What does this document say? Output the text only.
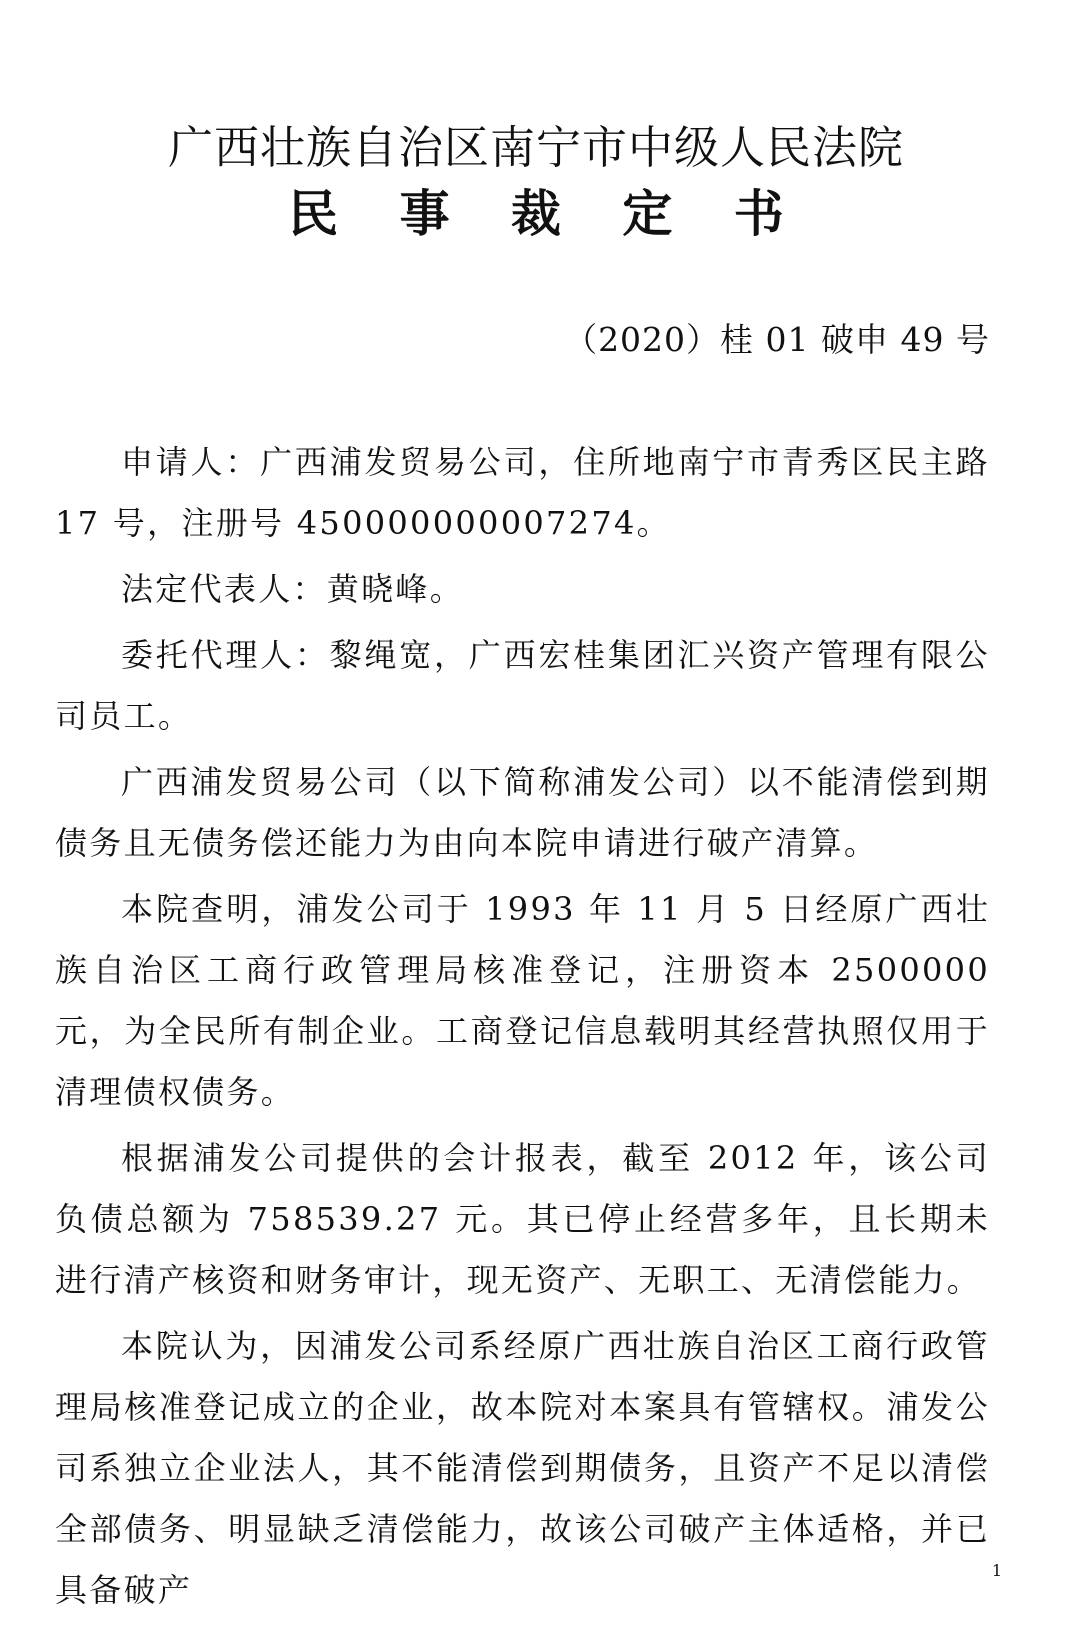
广西壮族自治区南宁市中级人民法院
民 事 裁 定 书
（2020）桂 01 破申 49 号

申请人：广西浦发贸易公司，住所地南宁市青秀区民主路 17 号，注册号 450000000007274。

法定代表人：黄晓峰。

委托代理人：黎绳宽，广西宏桂集团汇兴资产管理有限公司员工。

广西浦发贸易公司（以下简称浦发公司）以不能清偿到期债务且无债务偿还能力为由向本院申请进行破产清算。

本院查明，浦发公司于 1993 年 11 月 5 日经原广西壮族自治区工商行政管理局核准登记，注册资本 2500000 元，为全民所有制企业。工商登记信息载明其经营执照仅用于清理债权债务。

根据浦发公司提供的会计报表，截至 2012 年，该公司负债总额为 758539.27 元。其已停止经营多年，且长期未进行清产核资和财务审计，现无资产、无职工、无清偿能力。

本院认为，因浦发公司系经原广西壮族自治区工商行政管理局核准登记成立的企业，故本院对本案具有管辖权。浦发公司系独立企业法人，其不能清偿到期债务，且资产不足以清偿全部债务、明显缺乏清偿能力，故该公司破产主体适格，并已具备破产

1
